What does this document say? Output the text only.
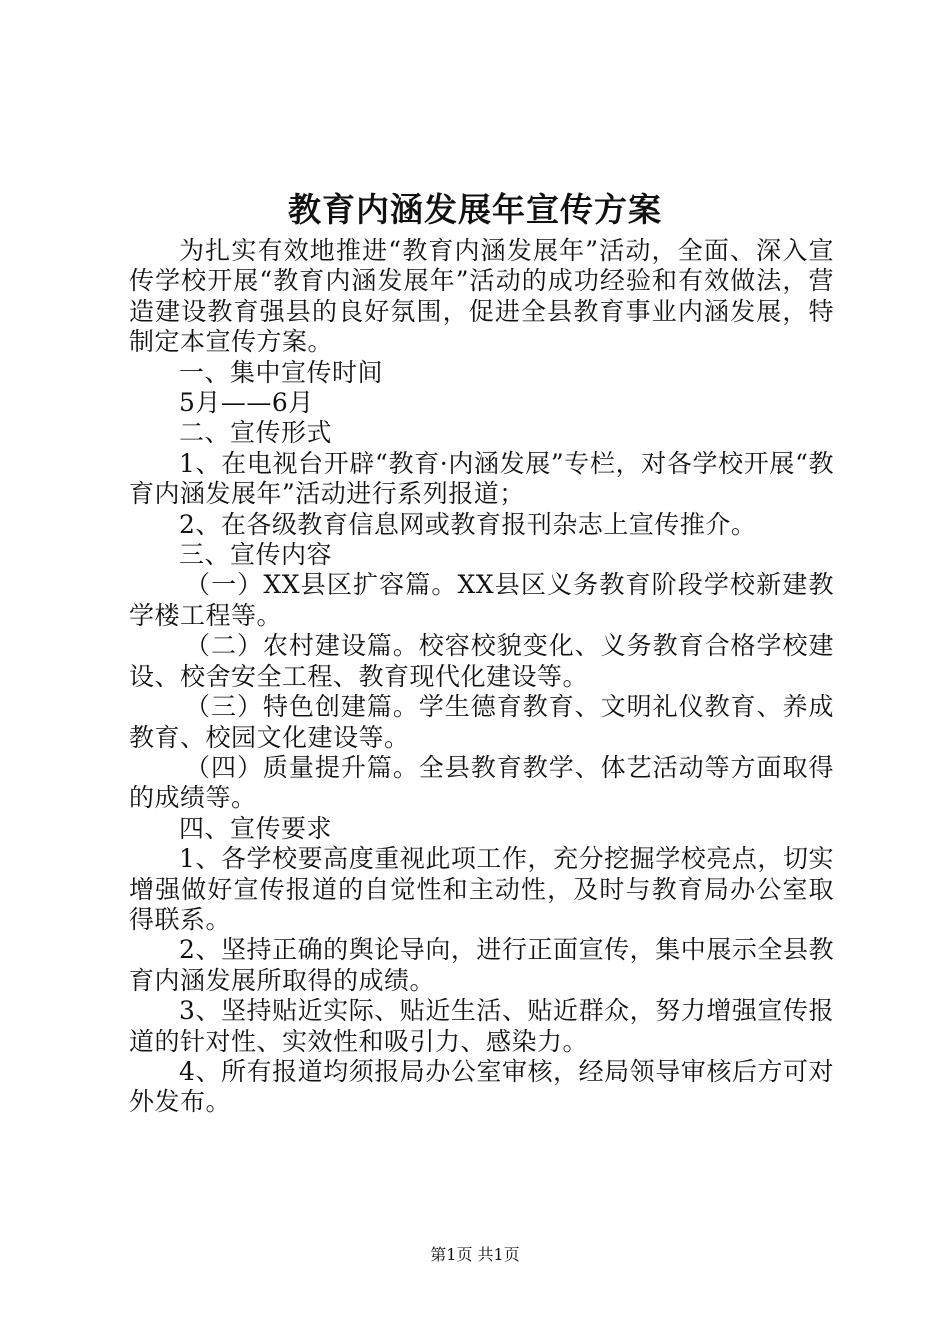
教育内涵发展年宣传方案

为扎实有效地推进“教育内涵发展年”活动，全面、深入宣传学校开展“教育内涵发展年”活动的成功经验和有效做法，营造建设教育强县的良好氛围，促进全县教育事业内涵发展，特制定本宣传方案。

一、集中宣传时间

5月——6月

二、宣传形式

1、在电视台开辟“教育·内涵发展”专栏，对各学校开展“教育内涵发展年”活动进行系列报道；

2、在各级教育信息网或教育报刊杂志上宣传推介。

三、宣传内容

（一）XX县区扩容篇。XX县区义务教育阶段学校新建教学楼工程等。

（二）农村建设篇。校容校貌变化、义务教育合格学校建设、校舍安全工程、教育现代化建设等。

（三）特色创建篇。学生德育教育、文明礼仪教育、养成教育、校园文化建设等。

（四）质量提升篇。全县教育教学、体艺活动等方面取得的成绩等。

四、宣传要求

1、各学校要高度重视此项工作，充分挖掘学校亮点，切实增强做好宣传报道的自觉性和主动性，及时与教育局办公室取得联系。

2、坚持正确的舆论导向，进行正面宣传，集中展示全县教育内涵发展所取得的成绩。

3、坚持贴近实际、贴近生活、贴近群众，努力增强宣传报道的针对性、实效性和吸引力、感染力。

4、所有报道均须报局办公室审核，经局领导审核后方可对外发布。

第1页 共1页
